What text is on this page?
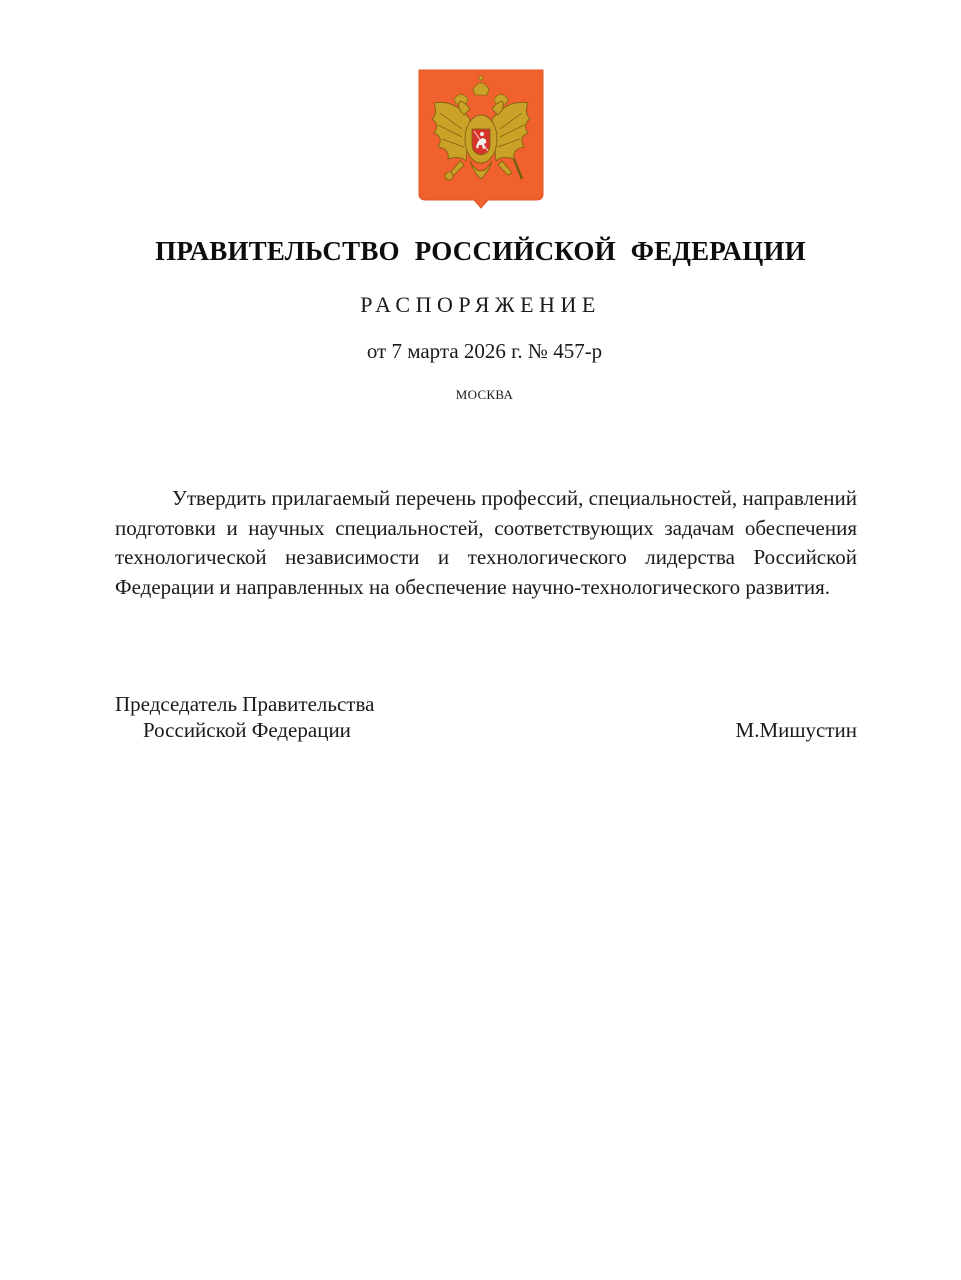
ПРАВИТЕЛЬСТВО РОССИЙСКОЙ ФЕДЕРАЦИИ
РАСПОРЯЖЕНИЕ
от 7 марта 2026 г. № 457-р
МОСКВА

Утвердить прилагаемый перечень профессий, специальностей, направлений подготовки и научных специальностей, соответствующих задачам обеспечения технологической независимости и технологического лидерства Российской Федерации и направленных на обеспечение научно-технологического развития.

Председатель Правительства
Российской Федерации	М.Мишустин
